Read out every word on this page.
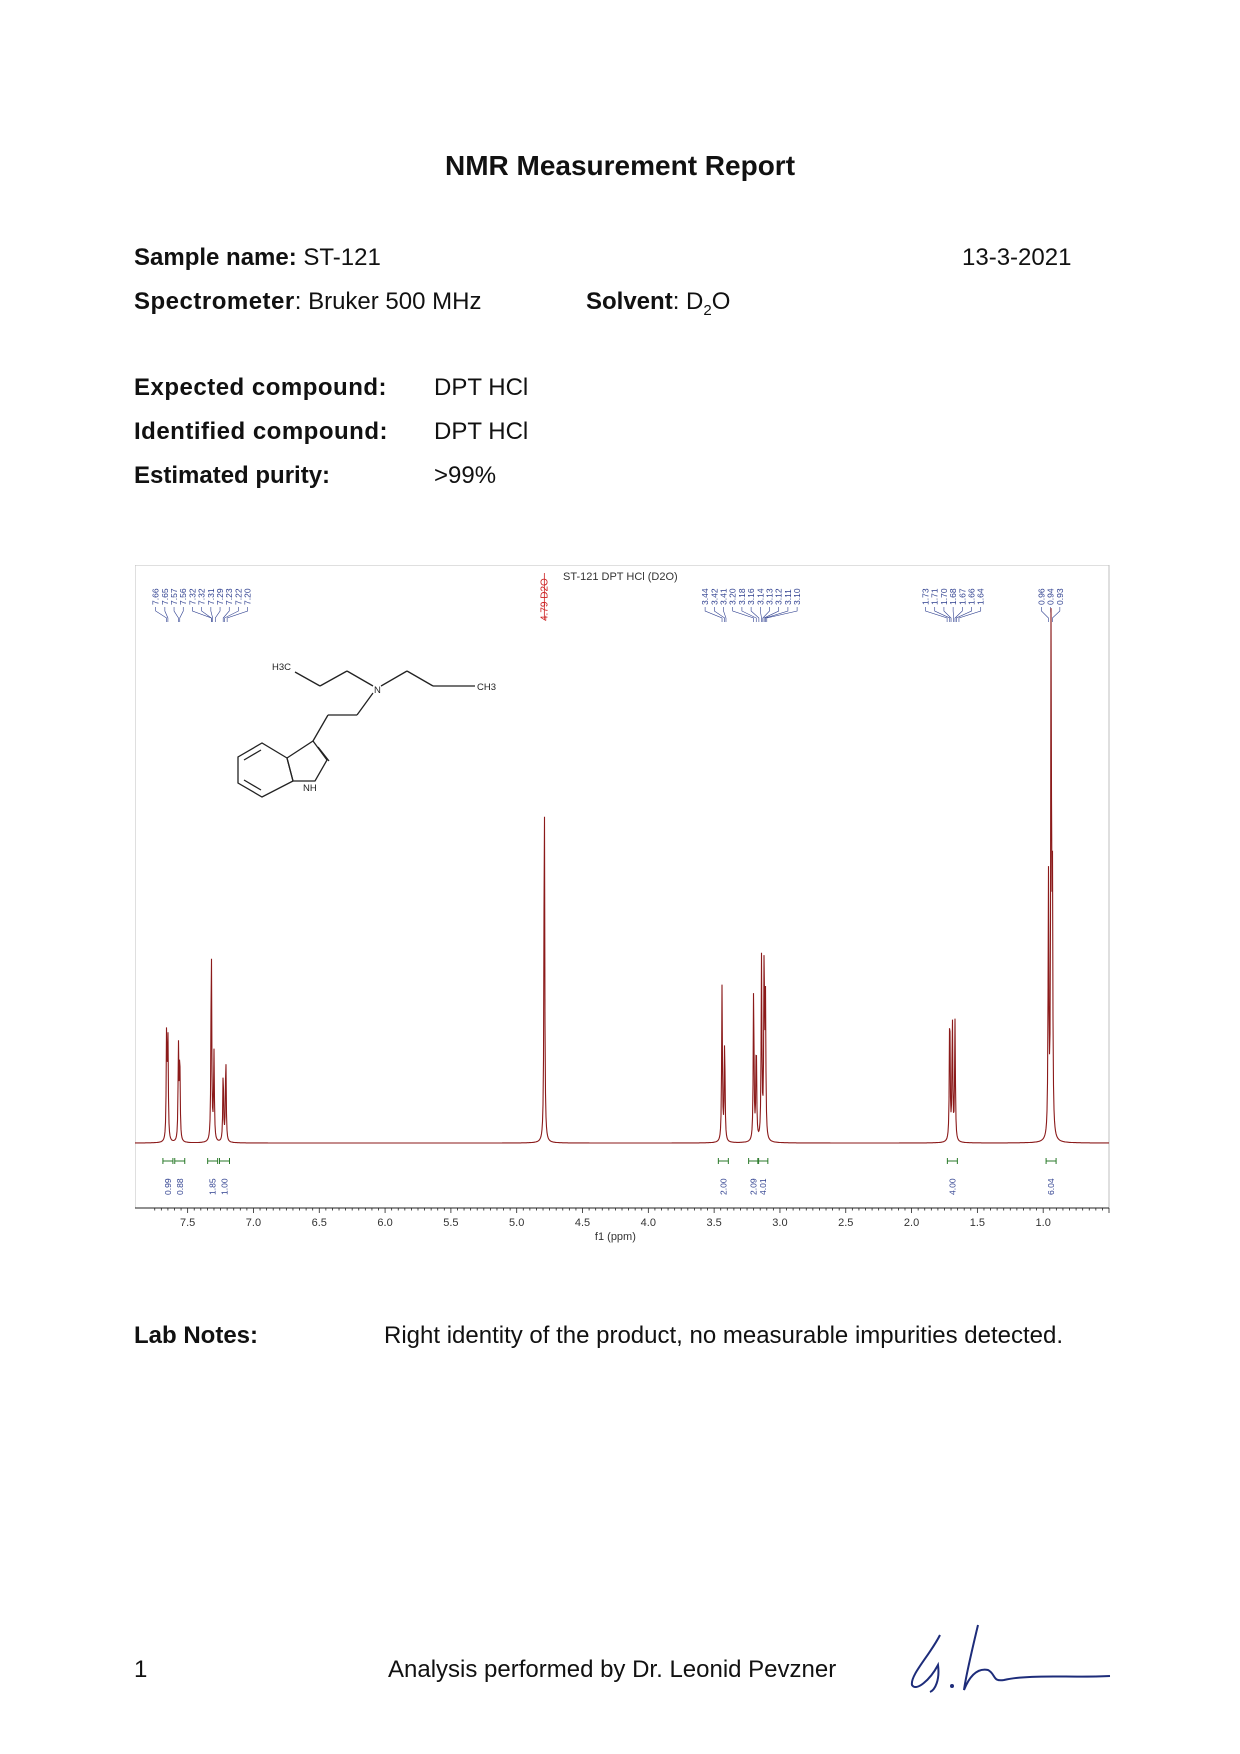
NMR Measurement Report
Sample name: ST-121	13-3-2021
Spectrometer: Bruker 500 MHz	Solvent: $D_2O$
Expected compound: DPT HCl
Identified compound: DPT HCl
Estimated purity:	>99%
ST-121 DPT HCl (D2O)
H3C
N	CH3
NH
7.66 7.65 7.57 7.56 7.32 7.32 7.31 7.29 7.23 7.22 7.20	3.44 3.42 3.41 3.20 3.18 3.16 3.14 3.13 3.12 3.11 3.10	1.73 1.71 1.70 1.68 1.67 1.66 1.64	0.96 0.94 0.93
0.99 0.88	1.85 1.00	2.00 2.09 4.01	4.00	6.04
7.5	7.0	6.5	6.0	5.5	5.0	4.5	4.0	3.5	3.0	2.5	2.0	1.5	1.0
4.79 D2O
f1 (ppm)
Lab Notes:	Right identity of the product, no measurable impurities detected.
1	Analysis performed by Dr. Leonid Pevzner
